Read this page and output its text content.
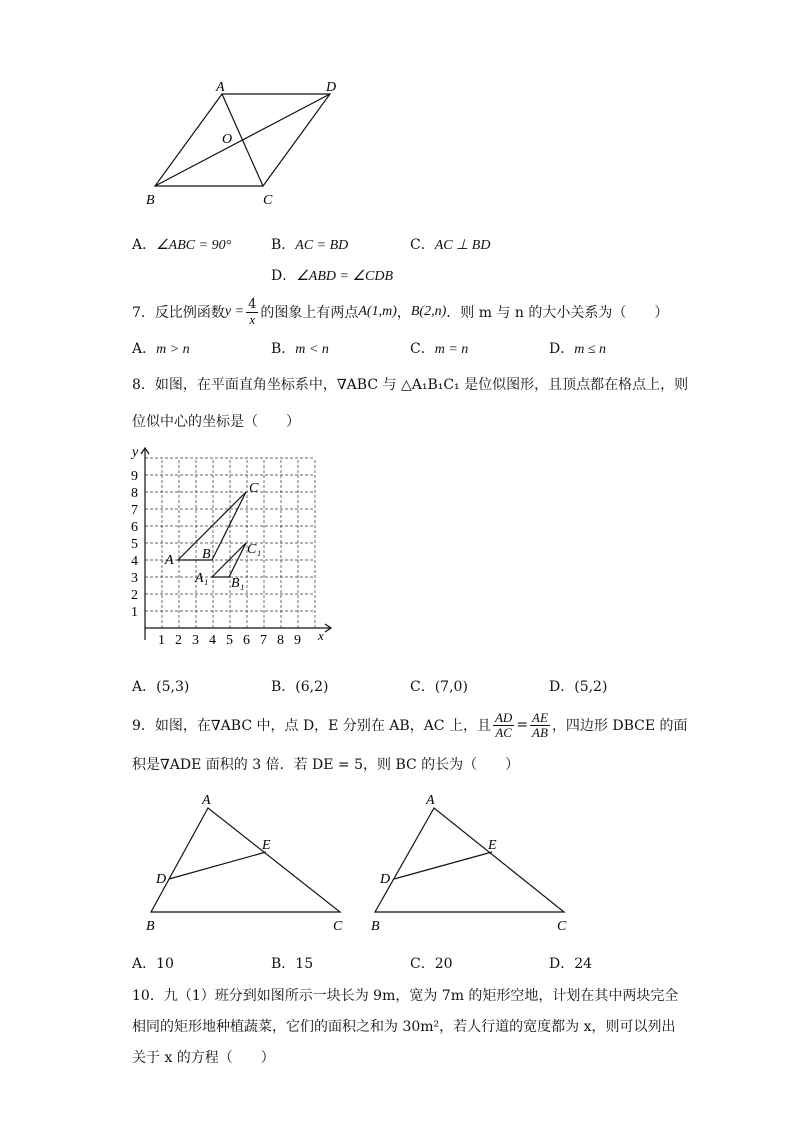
A	D
O
B	C
A．∠ABC = 90°	B．AC = BD	C．AC ⊥ BD
D．∠ABD = ∠CDB
7．反比例函数 $y = \frac{4}{x}$ 的图象上有两点 A(1,m) ， B(2,n) ．则 m 与 n 的大小关系为（　　）
A．m > n	B．m < n	C．m = n	D．m ≤ n
8．如图，在平面直角坐标系中，∇ABC 与 △A₁B₁C₁ 是位似图形，且顶点都在格点上，则
位似中心的坐标是（　　）
1 2 3 4 5 6 7 8 9
1
2
3
4
5
6
7
8
9
y
x
A B
C
A₁ B₁
C₁
A．(5,3)	B．(6,2)	C．(7,0)	D．(5,2)
9．如图，在∇ABC 中，点 D，E 分别在 AB，AC 上，且 $\frac{AD}{AC} = \frac{AE}{AB}$ ，四边形 DBCE 的面
积是∇ADE 面积的 3 倍．若 DE = 5，则 BC 的长为（　　）
A
D
E
B	C
A
D
E
B	C
A．10	B．15	C．20	D．24
10．九（1）班分到如图所示一块长为 9m，宽为 7m 的矩形空地，计划在其中两块完全
相同的矩形地种植蔬菜，它们的面积之和为 30m²，若人行道的宽度都为 x，则可以列出
关于 x 的方程（　　）
